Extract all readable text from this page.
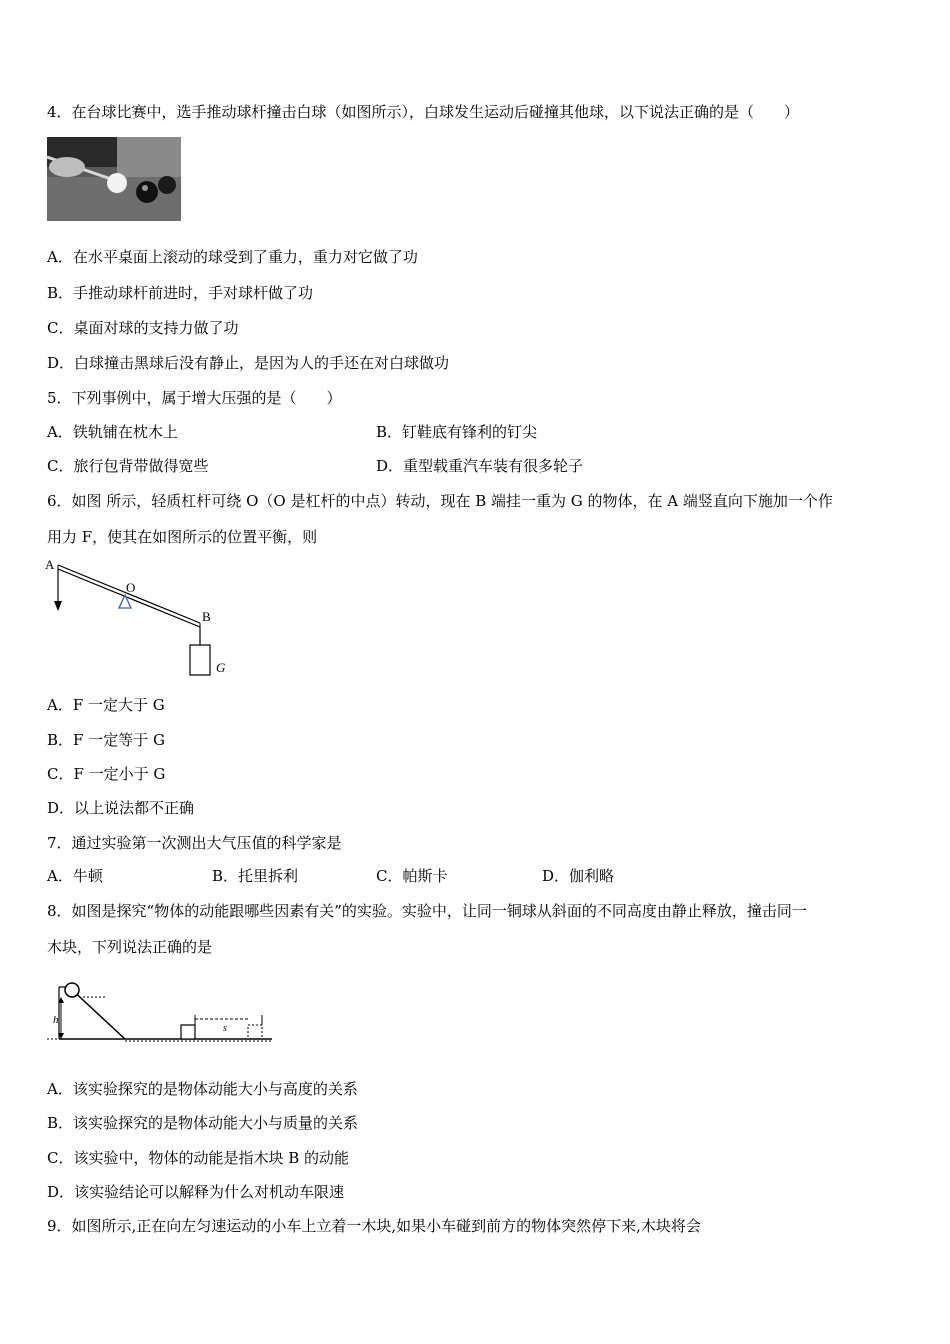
4．在台球比赛中，选手推动球杆撞击白球（如图所示），白球发生运动后碰撞其他球，以下说法正确的是（　　）
A．在水平桌面上滚动的球受到了重力，重力对它做了功
B．手推动球杆前进时，手对球杆做了功
C．桌面对球的支持力做了功
D．白球撞击黑球后没有静止，是因为人的手还在对白球做功
5．下列事例中，属于增大压强的是（　　）
A．铁轨铺在枕木上	B．钉鞋底有锋利的钉尖
C．旅行包背带做得宽些	D．重型载重汽车装有很多轮子
6．如图 所示，轻质杠杆可绕 O（O 是杠杆的中点）转动，现在 B 端挂一重为 G 的物体，在 A 端竖直向下施加一个作
用力 F，使其在如图所示的位置平衡，则
A
O
B
G
A．F 一定大于 G
B．F 一定等于 G
C．F 一定小于 G
D．以上说法都不正确
7．通过实验第一次测出大气压值的科学家是
A．牛顿	B．托里拆利	C．帕斯卡	D．伽利略
8．如图是探究“物体的动能跟哪些因素有关”的实验。实验中，让同一铜球从斜面的不同高度由静止释放，撞击同一
木块，下列说法正确的是
h
s
A．该实验探究的是物体动能大小与高度的关系
B．该实验探究的是物体动能大小与质量的关系
C．该实验中，物体的动能是指木块 B 的动能
D．该实验结论可以解释为什么对机动车限速
9．如图所示,正在向左匀速运动的小车上立着一木块,如果小车碰到前方的物体突然停下来,木块将会
